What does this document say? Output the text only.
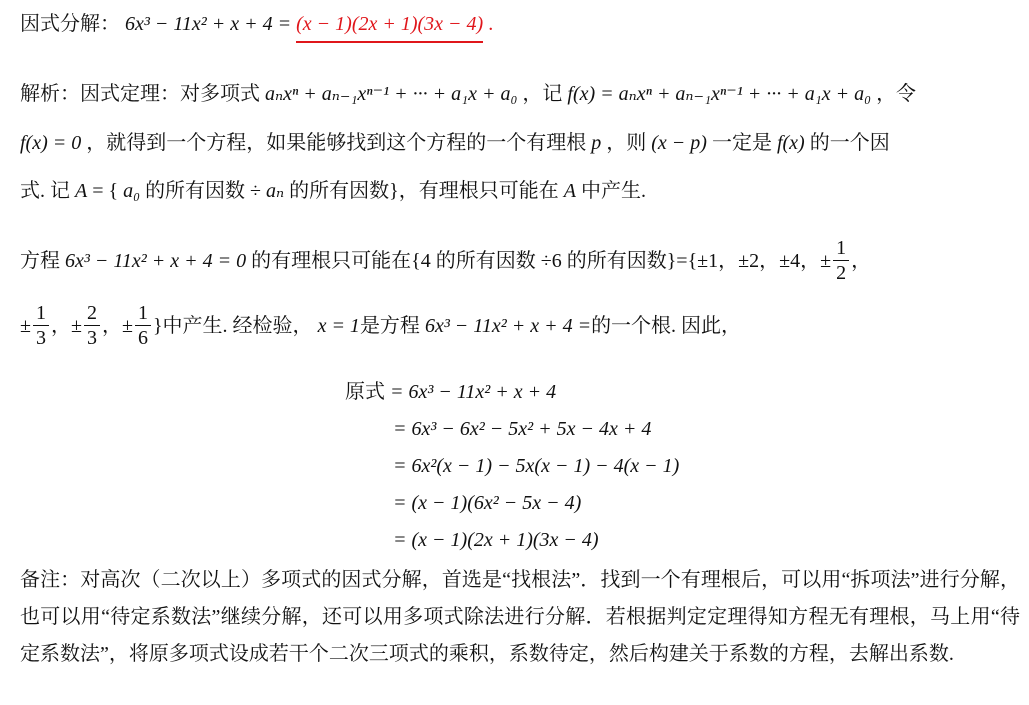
因式分解： 6x³ − 11x² + x + 4 = (x − 1)(2x + 1)(3x − 4) .
解析：因式定理：对多项式 aₙxⁿ + aₙ₋₁xⁿ⁻¹ + ··· + a₁x + a₀ ，记 f(x) = aₙxⁿ + aₙ₋₁xⁿ⁻¹ + ··· + a₁x + a₀ ，令
f(x) = 0 ，就得到一个方程，如果能够找到这个方程的一个有理根 p ，则 (x − p) 一定是 f(x) 的一个因
式. 记 A = { a₀ 的所有因数 ÷ aₙ 的所有因数}，有理根只可能在 A 中产生.
方程 6x³ − 11x² + x + 4 = 0 的有理根只可能在{4 的所有因数 ÷6 的所有因数}={±1，±2，±4，± $\frac{1}{2}$ ，
± $\frac{1}{3}$ ，± $\frac{2}{3}$ ，± $\frac{1}{6}$ }中产生. 经检验， x = 1是方程 6x³ − 11x² + x + 4 =的一个根. 因此，
原式 = 6x³ − 11x² + x + 4
= 6x³ − 6x² − 5x² + 5x − 4x + 4
= 6x²(x − 1) − 5x(x − 1) − 4(x − 1)
= (x − 1)(6x² − 5x − 4)
= (x − 1)(2x + 1)(3x − 4)
备注：对高次（二次以上）多项式的因式分解，首选是“找根法”．找到一个有理根后，可以用“拆项法”进行分解，也可以用“待定系数法”继续分解，还可以用多项式除法进行分解．若根据判定定理得知方程无有理根，马上用“待定系数法”，将原多项式设成若干个二次三项式的乘积，系数待定，然后构建关于系数的方程，去解出系数.
